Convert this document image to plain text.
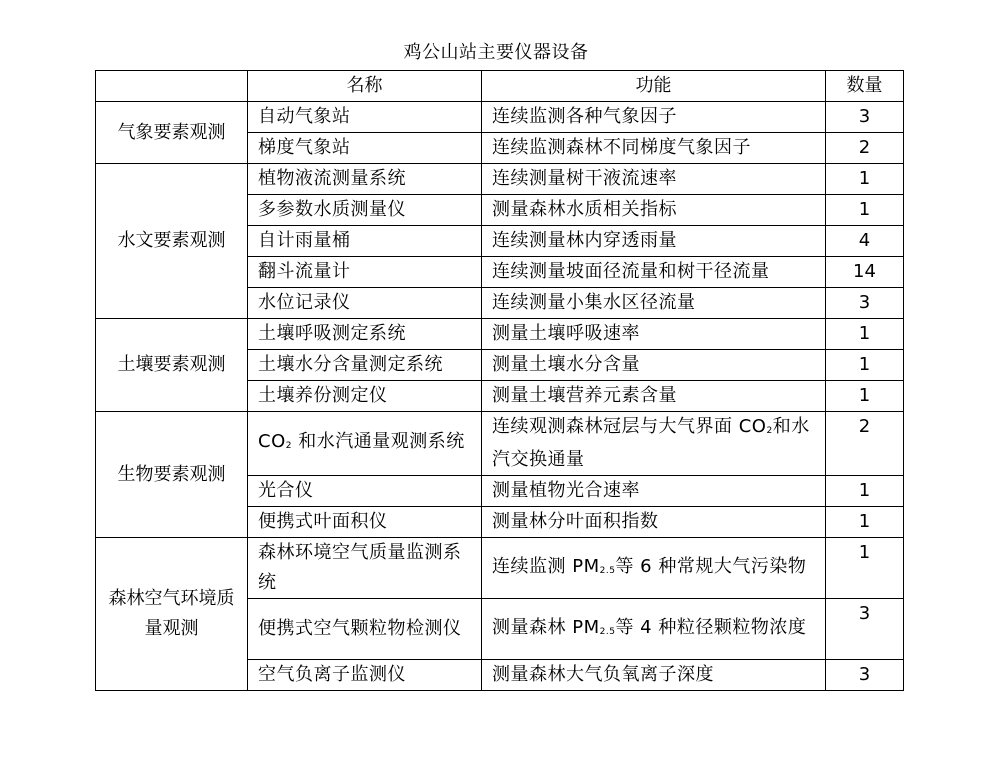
鸡公山站主要仪器设备
	名称	功能	数量
气象要素观测	自动气象站	连续监测各种气象因子	3
	梯度气象站	连续监测森林不同梯度气象因子	2
水文要素观测	植物液流测量系统	连续测量树干液流速率	1
	多参数水质测量仪	测量森林水质相关指标	1
	自计雨量桶	连续测量林内穿透雨量	4
	翻斗流量计	连续测量坡面径流量和树干径流量	14
	水位记录仪	连续测量小集水区径流量	3
土壤要素观测	土壤呼吸测定系统	测量土壤呼吸速率	1
	土壤水分含量测定系统	测量土壤水分含量	1
	土壤养份测定仪	测量土壤营养元素含量	1
生物要素观测	$CO_2$ 和水汽通量观测系统	连续观测森林冠层与大气界面 $CO_2$和水汽交换通量	2
	光合仪	测量植物光合速率	1
	便携式叶面积仪	测量林分叶面积指数	1
森林空气环境质量观测	森林环境空气质量监测系统	连续监测 $PM_{2.5}$等 6 种常规大气污染物	1
	便携式空气颗粒物检测仪	测量森林 $PM_{2.5}$等 4 种粒径颗粒物浓度	3
	空气负离子监测仪	测量森林大气负氧离子深度	3
